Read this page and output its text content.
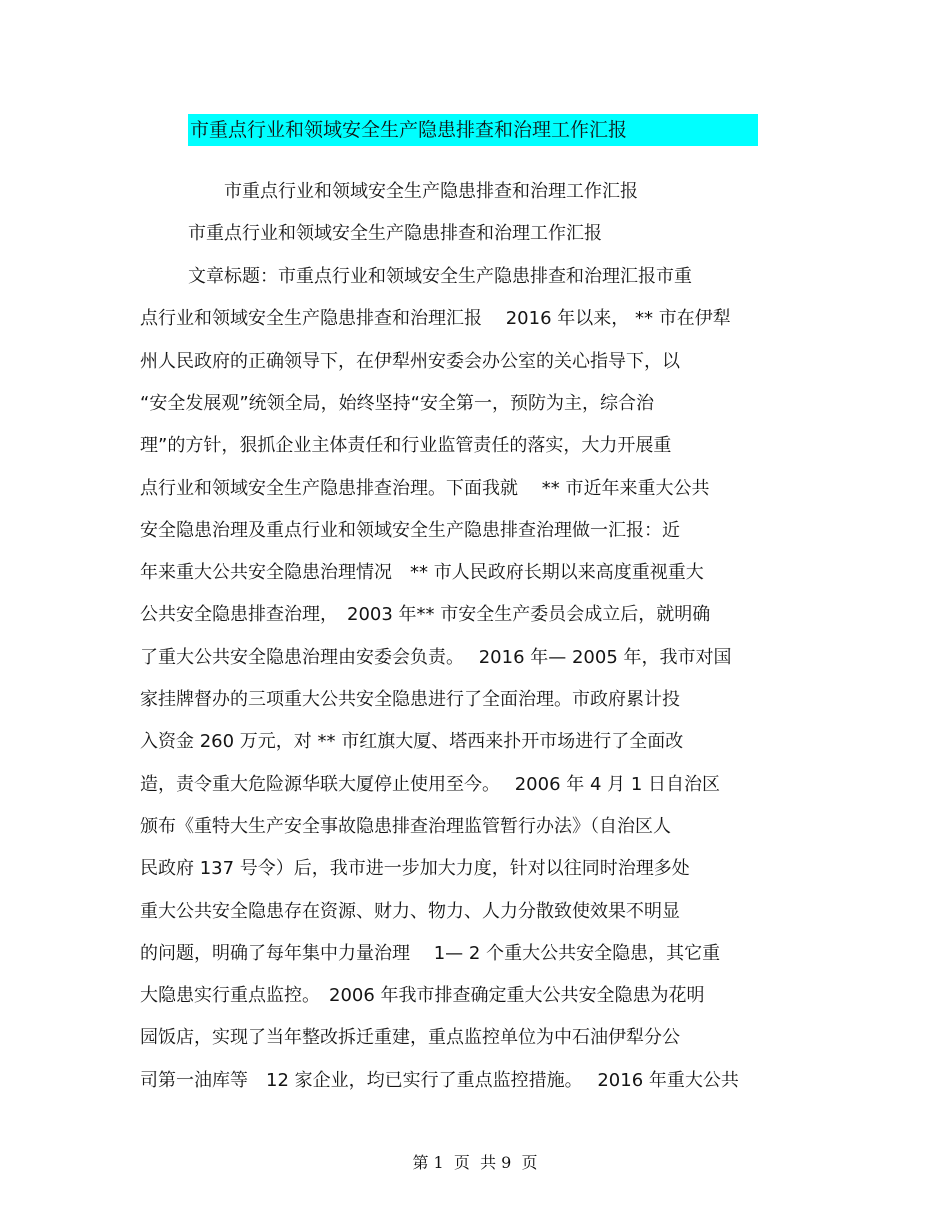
市重点行业和领域安全生产隐患排查和治理工作汇报
市重点行业和领域安全生产隐患排查和治理工作汇报
市重点行业和领域安全生产隐患排查和治理工作汇报
文章标题：市重点行业和领域安全生产隐患排查和治理汇报市重
点行业和领域安全生产隐患排查和治理汇报　 2016 年以来， ** 市在伊犁
州人民政府的正确领导下，在伊犁州安委会办公室的关心指导下，以
“安全发展观”统领全局，始终坚持“安全第一，预防为主，综合治
理”的方针，狠抓企业主体责任和行业监管责任的落实，大力开展重
点行业和领域安全生产隐患排查治理。下面我就　 ** 市近年来重大公共
安全隐患治理及重点行业和领域安全生产隐患排查治理做一汇报：近
年来重大公共安全隐患治理情况　** 市人民政府长期以来高度重视重大
公共安全隐患排查治理，　2003 年** 市安全生产委员会成立后，就明确
了重大公共安全隐患治理由安委会负责。　 2016 年— 2005 年，我市对国
家挂牌督办的三项重大公共安全隐患进行了全面治理。市政府累计投
入资金 260 万元，对 ** 市红旗大厦、塔西来扑开市场进行了全面改
造，责令重大危险源华联大厦停止使用至今。　 2006 年 4 月 1 日自治区
颁布《重特大生产安全事故隐患排查治理监管暂行办法》（自治区人
民政府 137 号令）后，我市进一步加大力度，针对以往同时治理多处
重大公共安全隐患存在资源、财力、物力、人力分散致使效果不明显
的问题，明确了每年集中力量治理　 1— 2 个重大公共安全隐患，其它重
大隐患实行重点监控。　2006 年我市排查确定重大公共安全隐患为花明
园饭店，实现了当年整改拆迁重建，重点监控单位为中石油伊犁分公
司第一油库等　12 家企业，均已实行了重点监控措施。　 2016 年重大公共
第 1  页  共 9  页
